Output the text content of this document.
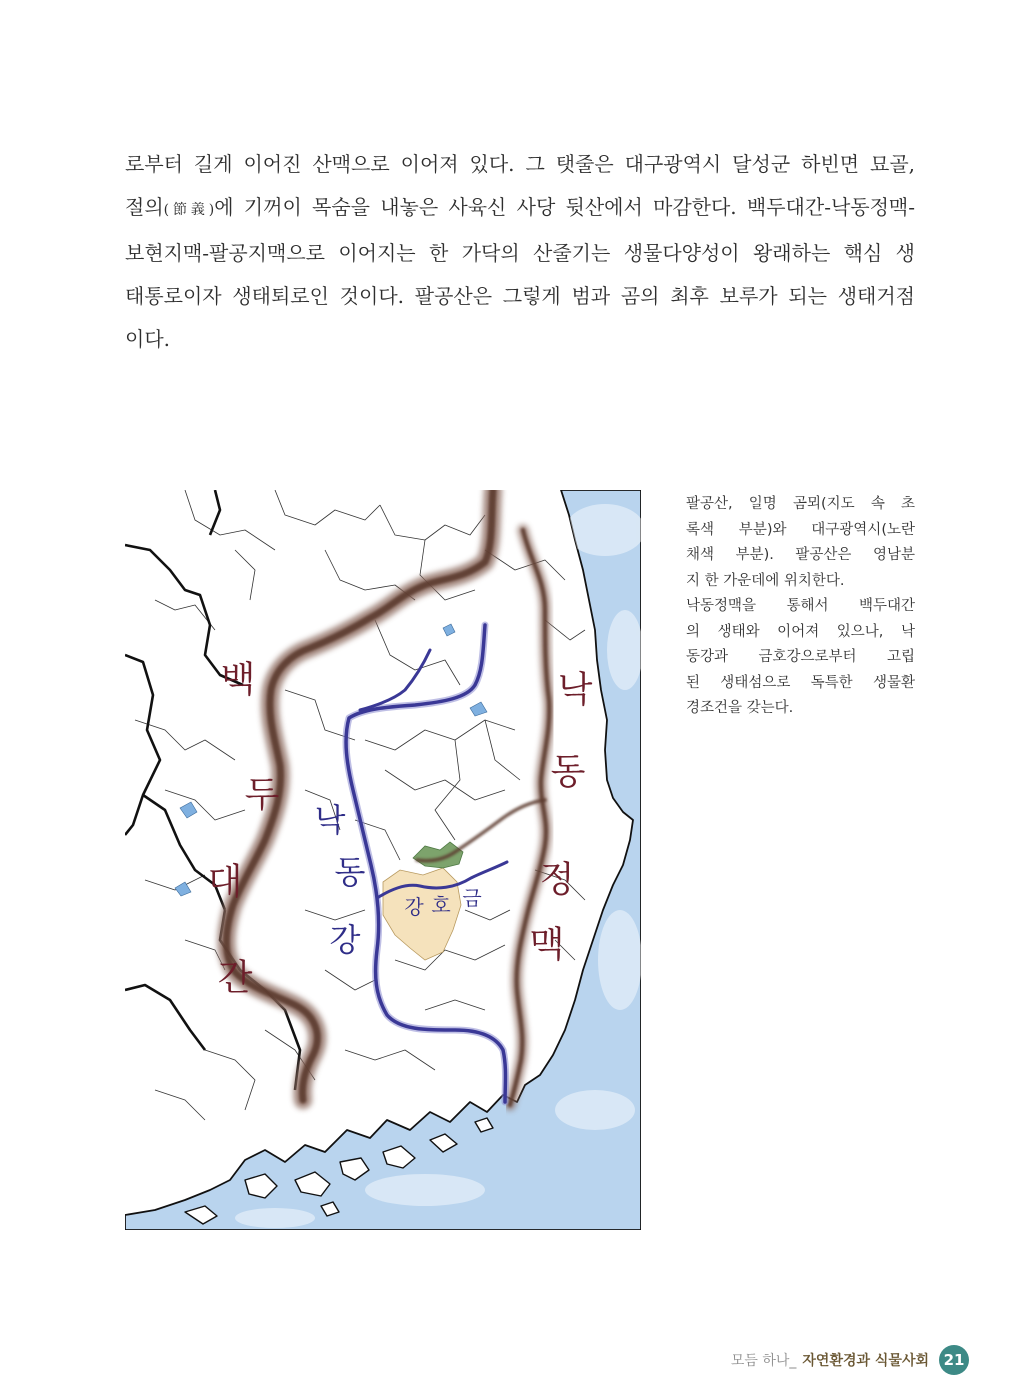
로부터 길게 이어진 산맥으로 이어져 있다. 그 탯줄은 대구광역시 달성군 하빈면 묘골,
절의(節義)에 기꺼이 목숨을 내놓은 사육신 사당 뒷산에서 마감한다. 백두대간-낙동정맥-
보현지맥-팔공지맥으로 이어지는 한 가닥의 산줄기는 생물다양성이 왕래하는 핵심 생
태통로이자 생태퇴로인 것이다. 팔공산은 그렇게 범과 곰의 최후 보루가 되는 생태거점
이다.
백
두
대
간
낙
동
정
맥
낙
동
강
금
호
강
팔공산, 일명 곰뫼(지도 속 초
록색 부분)와 대구광역시(노란
채색 부분). 팔공산은 영남분
지 한 가운데에 위치한다.
낙동정맥을 통해서 백두대간
의 생태와 이어져 있으나, 낙
동강과 금호강으로부터 고립
된 생태섬으로 독특한 생물환
경조건을 갖는다.
모듬 하나_ 자연환경과 식물사회 21
